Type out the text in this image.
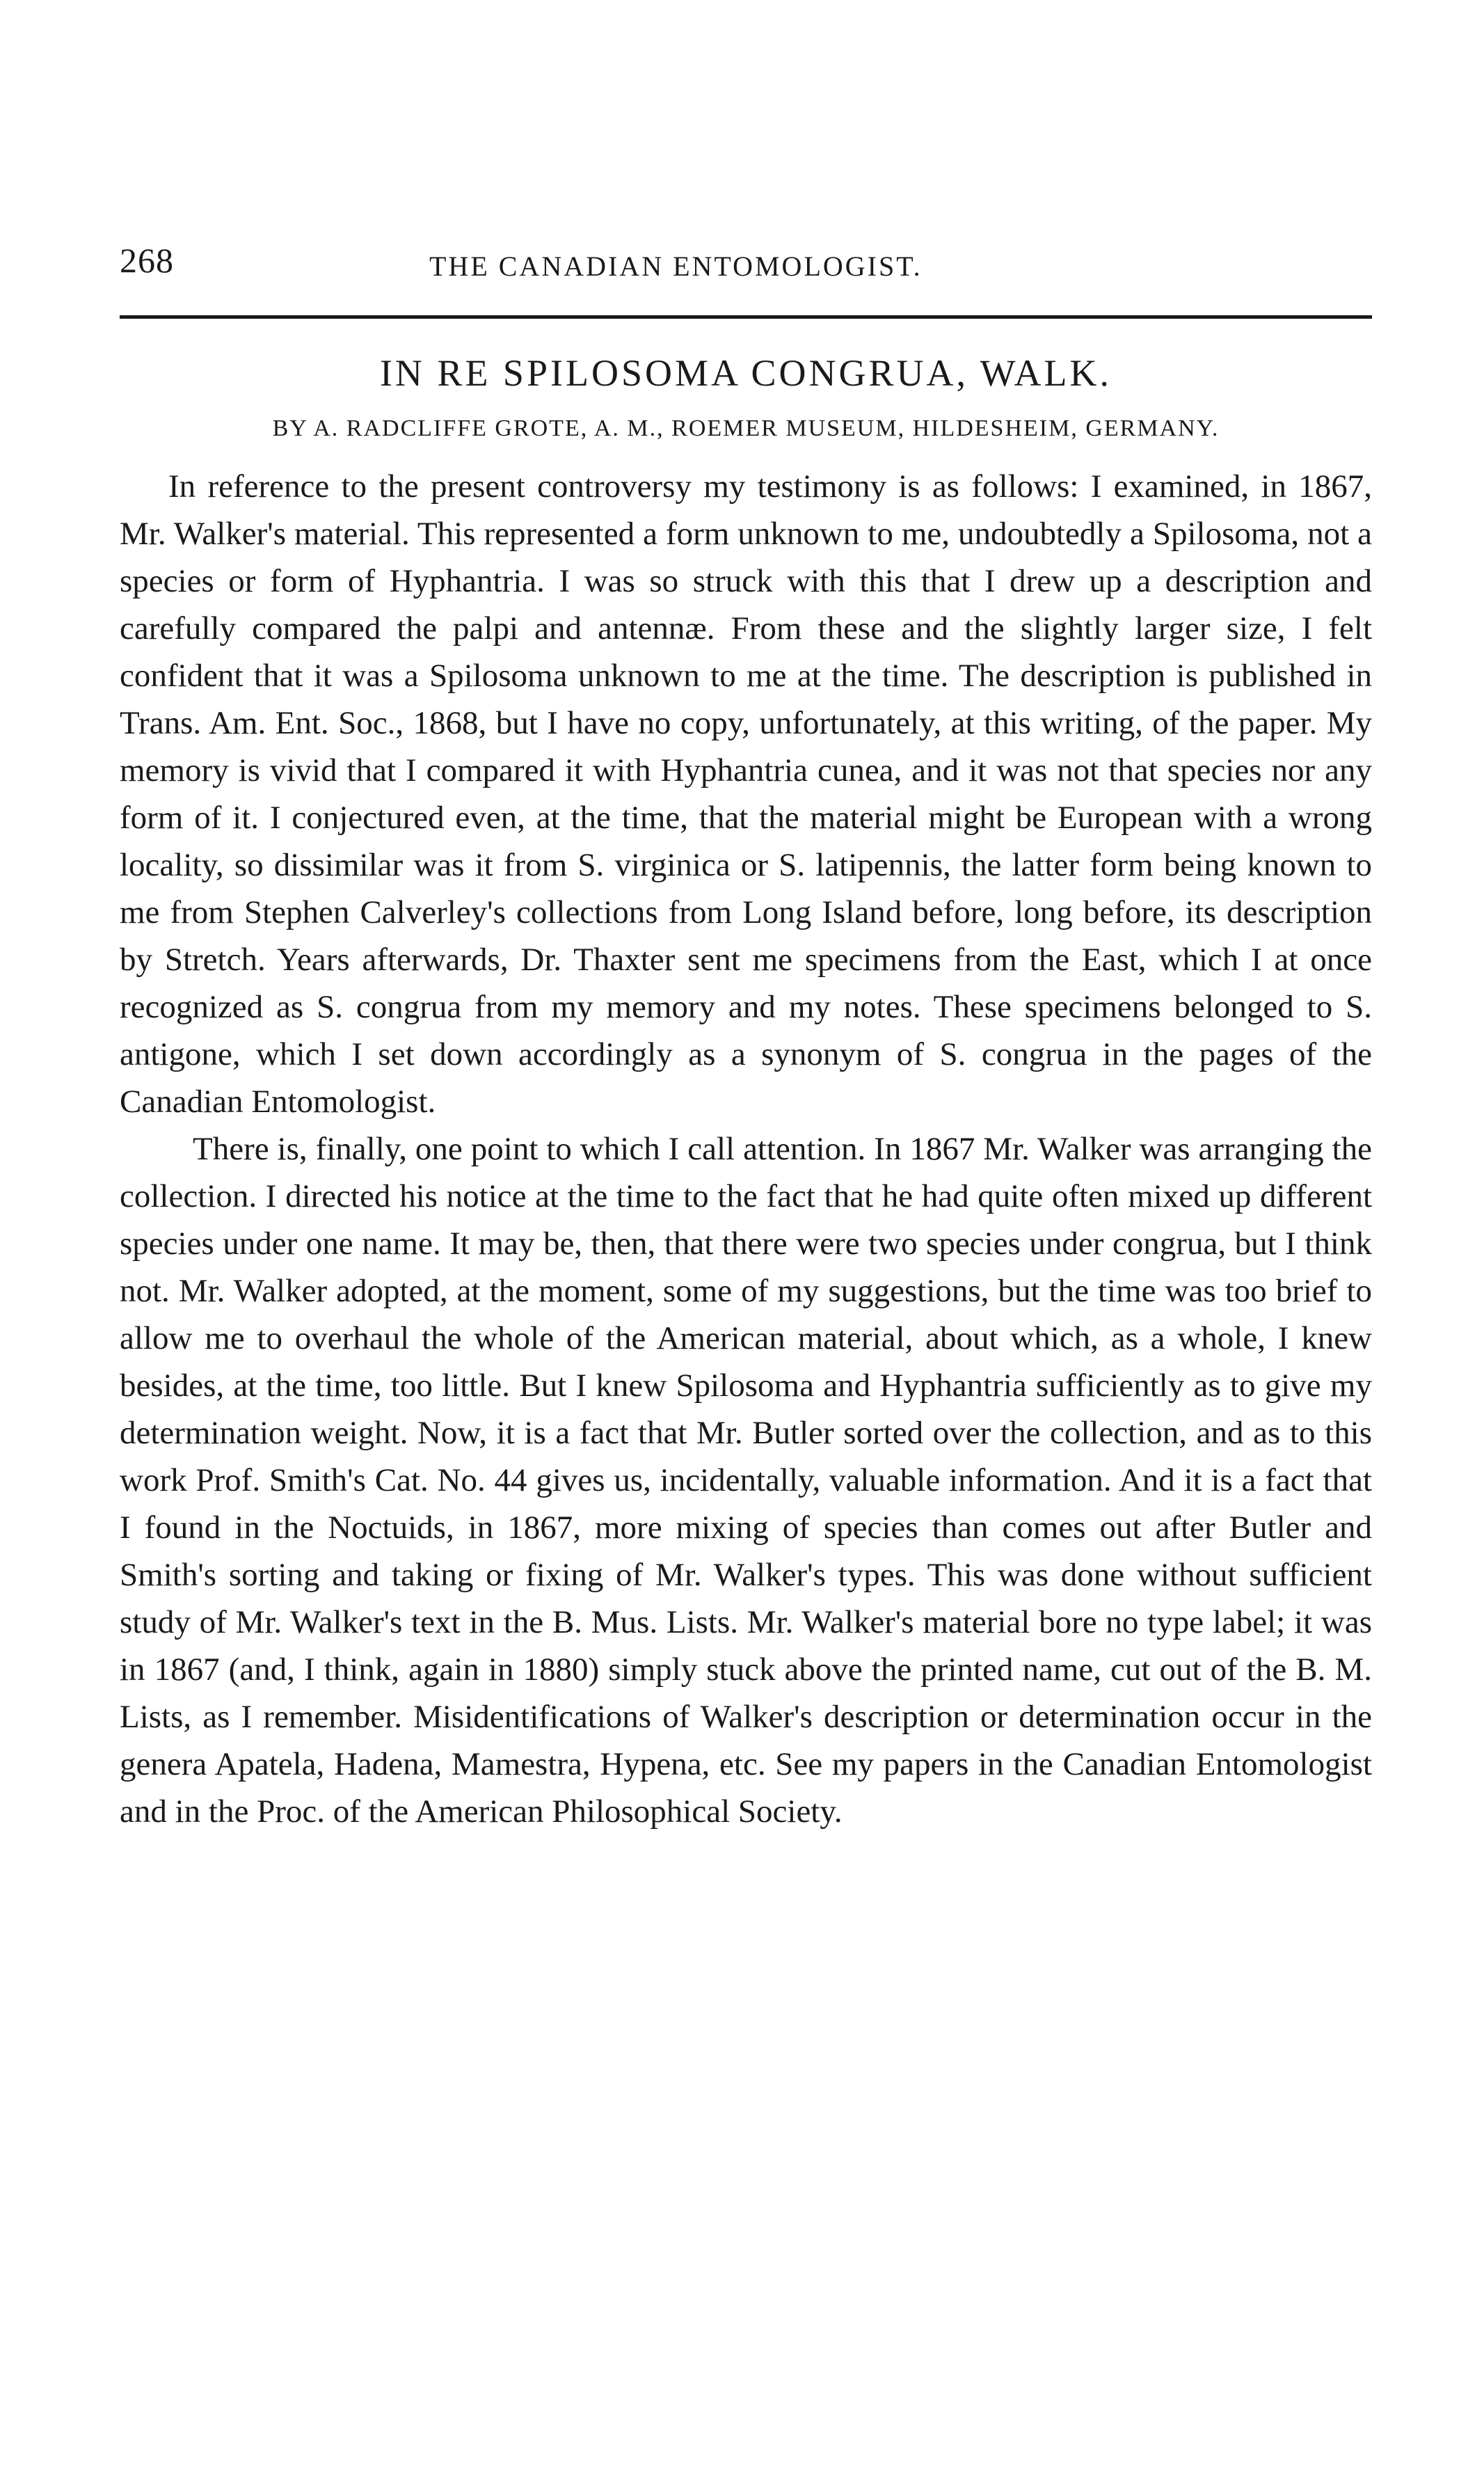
268	THE CANADIAN ENTOMOLOGIST.
IN RE SPILOSOMA CONGRUA, WALK.
BY A. RADCLIFFE GROTE, A. M., ROEMER MUSEUM, HILDESHEIM, GERMANY.

In reference to the present controversy my testimony is as follows: I examined, in 1867, Mr. Walker's material. This represented a form unknown to me, undoubtedly a Spilosoma, not a species or form of Hyphantria. I was so struck with this that I drew up a description and carefully compared the palpi and antennæ. From these and the slightly larger size, I felt confident that it was a Spilosoma unknown to me at the time. The description is published in Trans. Am. Ent. Soc., 1868, but I have no copy, unfortunately, at this writing, of the paper. My memory is vivid that I compared it with Hyphantria cunea, and it was not that species nor any form of it. I conjectured even, at the time, that the material might be European with a wrong locality, so dissimilar was it from S. virginica or S. latipennis, the latter form being known to me from Stephen Calverley's collections from Long Island before, long before, its description by Stretch. Years afterwards, Dr. Thaxter sent me specimens from the East, which I at once recognized as S. congrua from my memory and my notes. These specimens belonged to S. antigone, which I set down accordingly as a synonym of S. congrua in the pages of the Canadian Entomologist.

There is, finally, one point to which I call attention. In 1867 Mr. Walker was arranging the collection. I directed his notice at the time to the fact that he had quite often mixed up different species under one name. It may be, then, that there were two species under congrua, but I think not. Mr. Walker adopted, at the moment, some of my suggestions, but the time was too brief to allow me to overhaul the whole of the American material, about which, as a whole, I knew besides, at the time, too little. But I knew Spilosoma and Hyphantria sufficiently as to give my determination weight. Now, it is a fact that Mr. Butler sorted over the collection, and as to this work Prof. Smith's Cat. No. 44 gives us, incidentally, valuable information. And it is a fact that I found in the Noctuids, in 1867, more mixing of species than comes out after Butler and Smith's sorting and taking or fixing of Mr. Walker's types. This was done without sufficient study of Mr. Walker's text in the B. Mus. Lists. Mr. Walker's material bore no type label; it was in 1867 (and, I think, again in 1880) simply stuck above the printed name, cut out of the B. M. Lists, as I remember. Misidentifications of Walker's description or determination occur in the genera Apatela, Hadena, Mamestra, Hypena, etc. See my papers in the Canadian Entomologist and in the Proc. of the American Philosophical Society.
